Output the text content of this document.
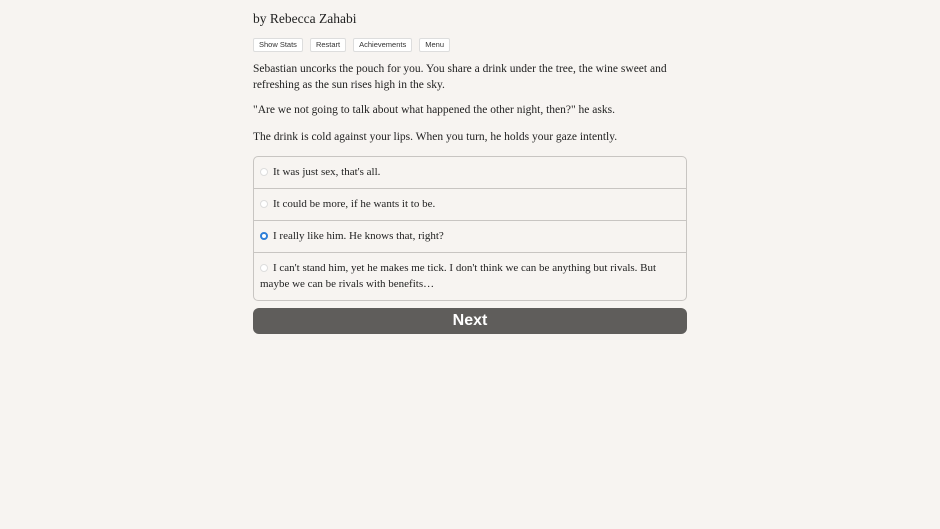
by Rebecca Zahabi
Show Stats	Restart	Achievements	Menu

Sebastian uncorks the pouch for you. You share a drink under the tree, the wine sweet and refreshing as the sun rises high in the sky.

"Are we not going to talk about what happened the other night, then?" he asks.

The drink is cold against your lips. When you turn, he holds your gaze intently.

It was just sex, that's all.
It could be more, if he wants it to be.
I really like him. He knows that, right?
I can't stand him, yet he makes me tick. I don't think we can be anything but rivals. But maybe we can be rivals with benefits…
Next
